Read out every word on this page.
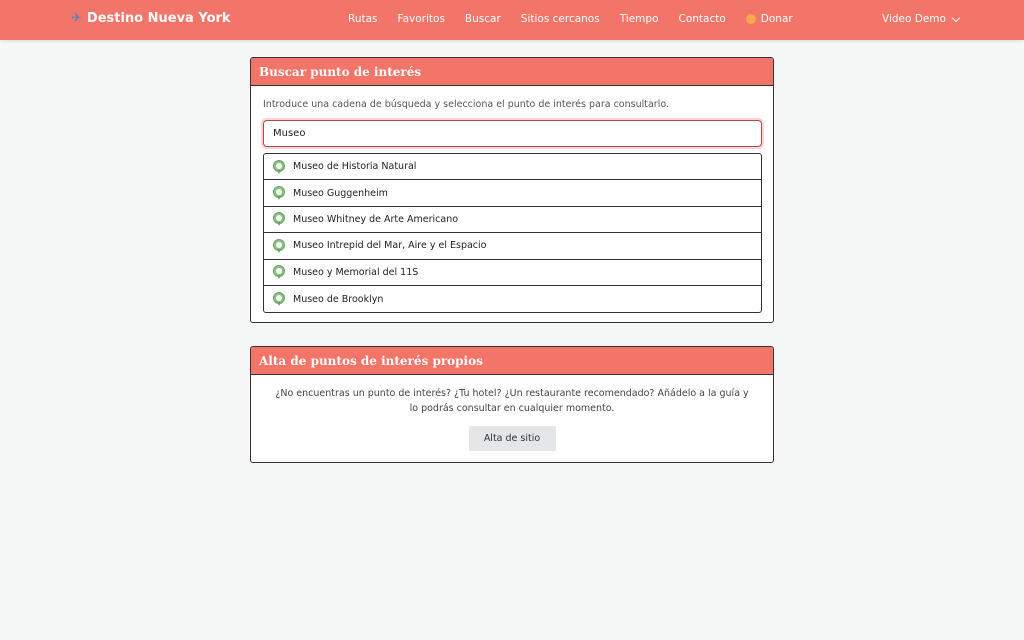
✈ Destino Nueva York	Rutas Favoritos Buscar Sitios cercanos Tiempo Contacto	Donar	Video Demo
Buscar punto de interés

Introduce una cadena de búsqueda y selecciona el punto de interés para consultarlo.

Museo
Museo de Historia Natural
Museo Guggenheim
Museo Whitney de Arte Americano
Museo Intrepid del Mar, Aire y el Espacio
Museo y Memorial del 11S
Museo de Brooklyn
Alta de puntos de interés propios

¿No encuentras un punto de interés? ¿Tu hotel? ¿Un restaurante recomendado? Añádelo a la guía y lo podrás consultar en cualquier momento.

Alta de sitio
